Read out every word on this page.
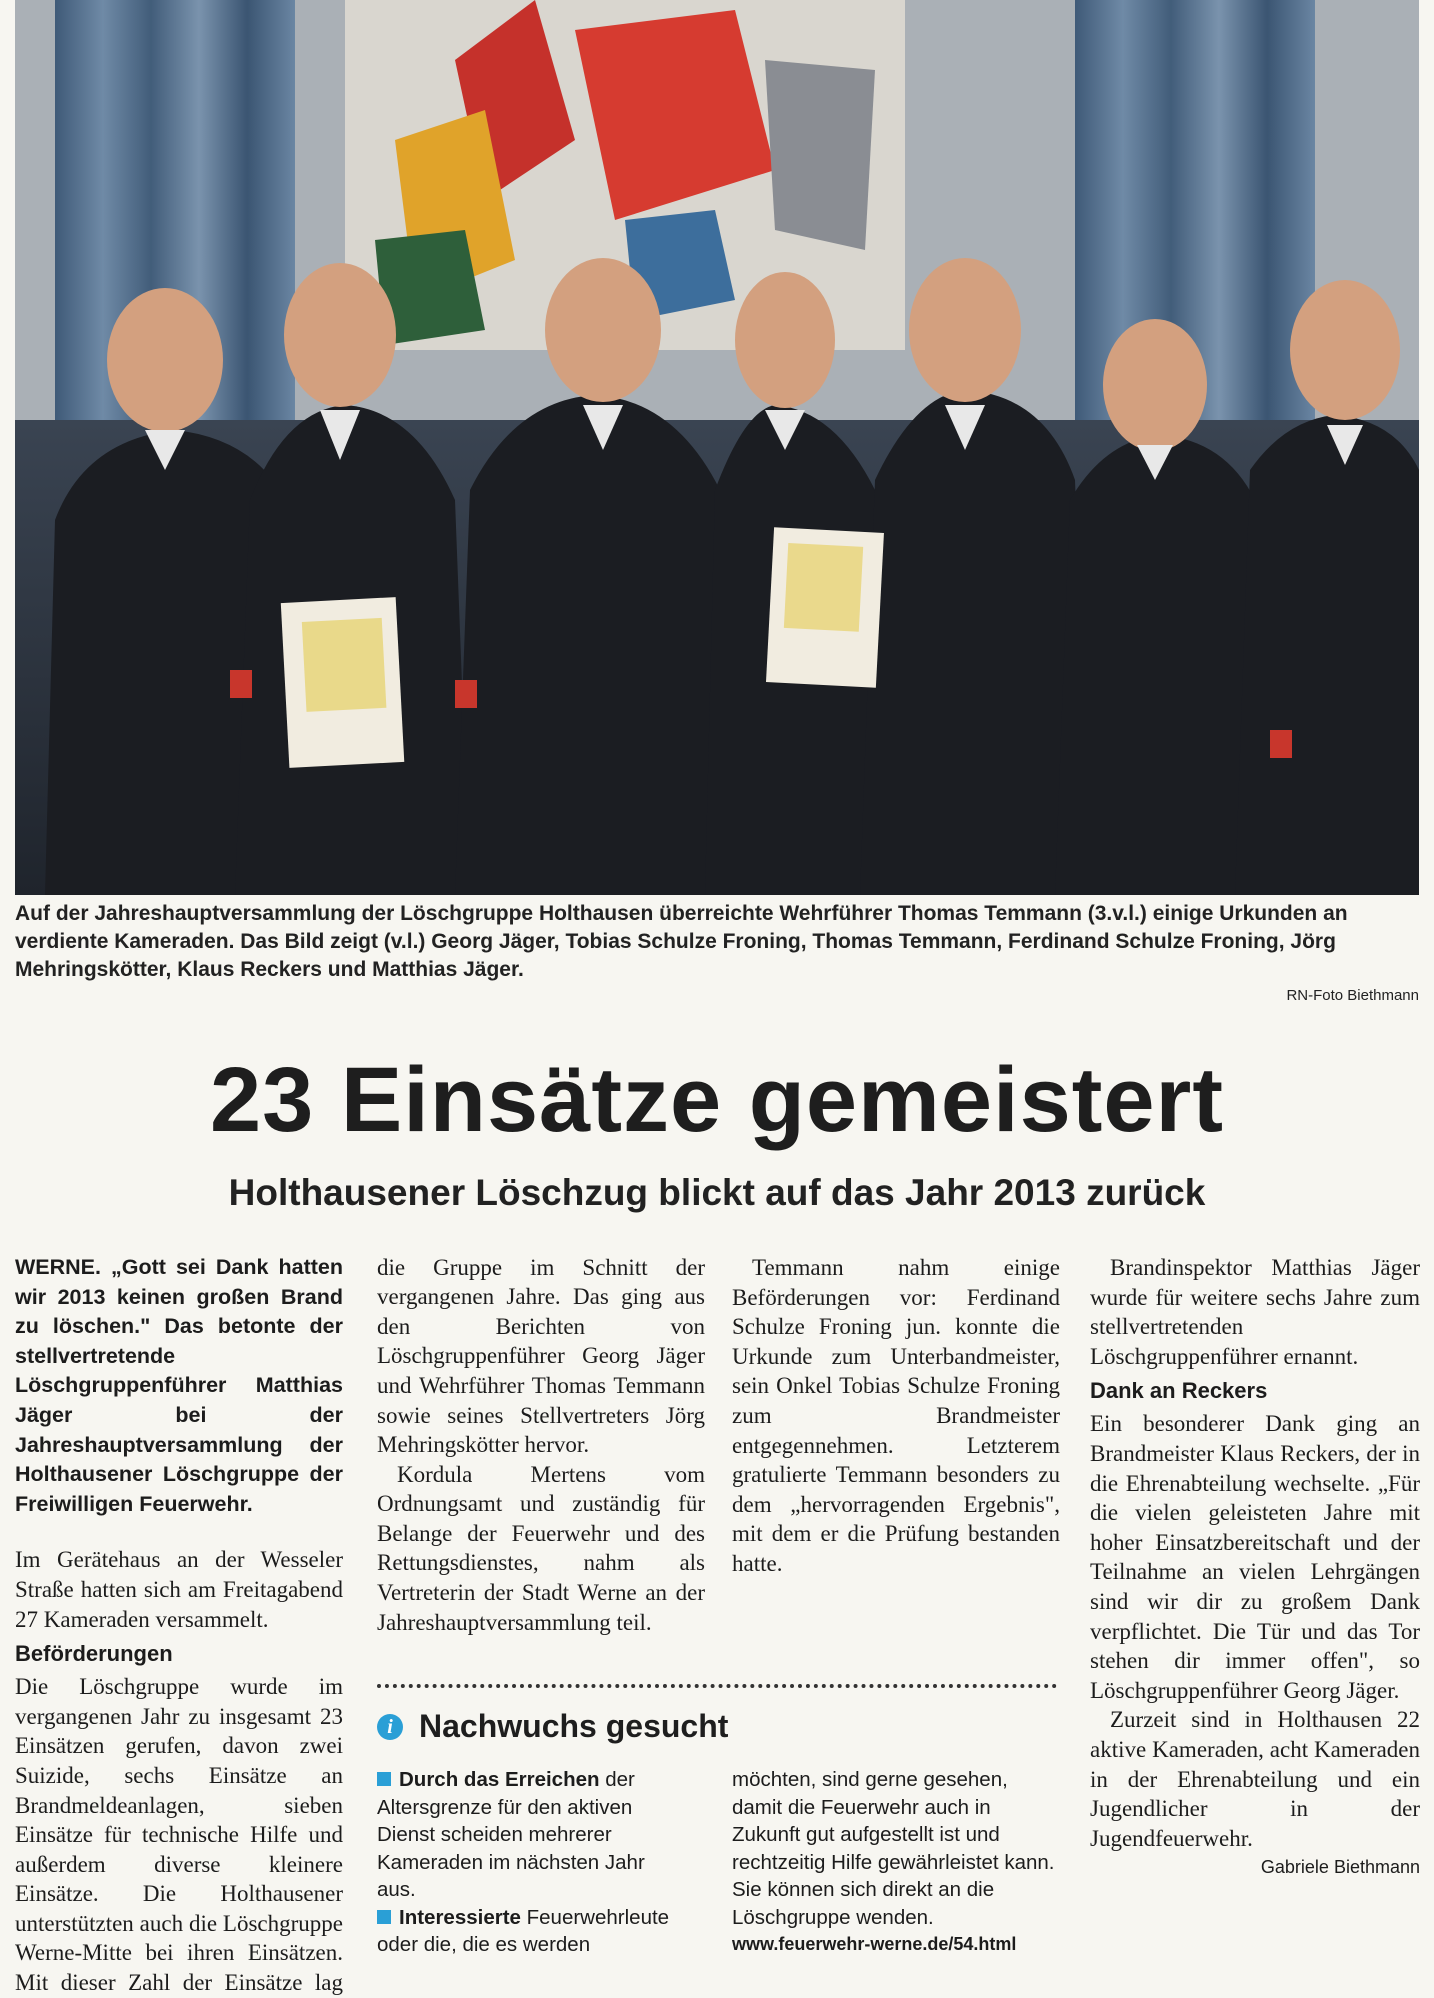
Auf der Jahreshauptversammlung der Löschgruppe Holthausen überreichte Wehrführer Thomas Temmann (3.v.l.) einige Urkunden an verdiente Kameraden. Das Bild zeigt (v.l.) Georg Jäger, Tobias Schulze Froning, Thomas Temmann, Ferdinand Schulze Froning, Jörg Mehringskötter, Klaus Reckers und Matthias Jäger.
RN-Foto Biethmann
23 Einsätze gemeistert
Holthausener Löschzug blickt auf das Jahr 2013 zurück

WERNE. „Gott sei Dank hatten wir 2013 keinen großen Brand zu löschen." Das betonte der stellvertretende Löschgruppenführer Matthias Jäger bei der Jahreshauptversammlung der Holthausener Löschgruppe der Freiwilligen Feuerwehr.

Im Gerätehaus an der Wesseler Straße hatten sich am Freitagabend 27 Kameraden versammelt.

Beförderungen

Die Löschgruppe wurde im vergangenen Jahr zu insgesamt 23 Einsätzen gerufen, davon zwei Suizide, sechs Einsätze an Brandmeldeanlagen, sieben Einsätze für technische Hilfe und außerdem diverse kleinere Einsätze. Die Holthausener unterstützten auch die Löschgruppe Werne-Mitte bei ihren Einsätzen. Mit dieser Zahl der Einsätze lag

die Gruppe im Schnitt der vergangenen Jahre. Das ging aus den Berichten von Löschgruppenführer Georg Jäger und Wehrführer Thomas Temmann sowie seines Stellvertreters Jörg Mehringskötter hervor.

Kordula Mertens vom Ordnungsamt und zuständig für Belange der Feuerwehr und des Rettungsdienstes, nahm als Vertreterin der Stadt Werne an der Jahreshauptversammlung teil.

Temmann nahm einige Beförderungen vor: Ferdinand Schulze Froning jun. konnte die Urkunde zum Unterbandmeister, sein Onkel Tobias Schulze Froning zum Brandmeister entgegennehmen. Letzterem gratulierte Temmann besonders zu dem „hervorragenden Ergebnis", mit dem er die Prüfung bestanden hatte.

Brandinspektor Matthias Jäger wurde für weitere sechs Jahre zum stellvertretenden Löschgruppenführer ernannt.

Dank an Reckers

Ein besonderer Dank ging an Brandmeister Klaus Reckers, der in die Ehrenabteilung wechselte. „Für die vielen geleisteten Jahre mit hoher Einsatzbereitschaft und der Teilnahme an vielen Lehrgängen sind wir dir zu großem Dank verpflichtet. Die Tür und das Tor stehen dir immer offen", so Löschgruppenführer Georg Jäger.

Zurzeit sind in Holthausen 22 aktive Kameraden, acht Kameraden in der Ehrenabteilung und ein Jugendlicher in der Jugendfeuerwehr.

Gabriele Biethmann

i Nachwuchs gesucht

Durch das Erreichen der Altersgrenze für den aktiven Dienst scheiden mehrerer Kameraden im nächsten Jahr aus.

Interessierte Feuerwehrleute oder die, die es werden

möchten, sind gerne gesehen, damit die Feuerwehr auch in Zukunft gut aufgestellt ist und rechtzeitig Hilfe gewährleistet kann. Sie können sich direkt an die Löschgruppe wenden.

www.feuerwehr-werne.de/54.html
